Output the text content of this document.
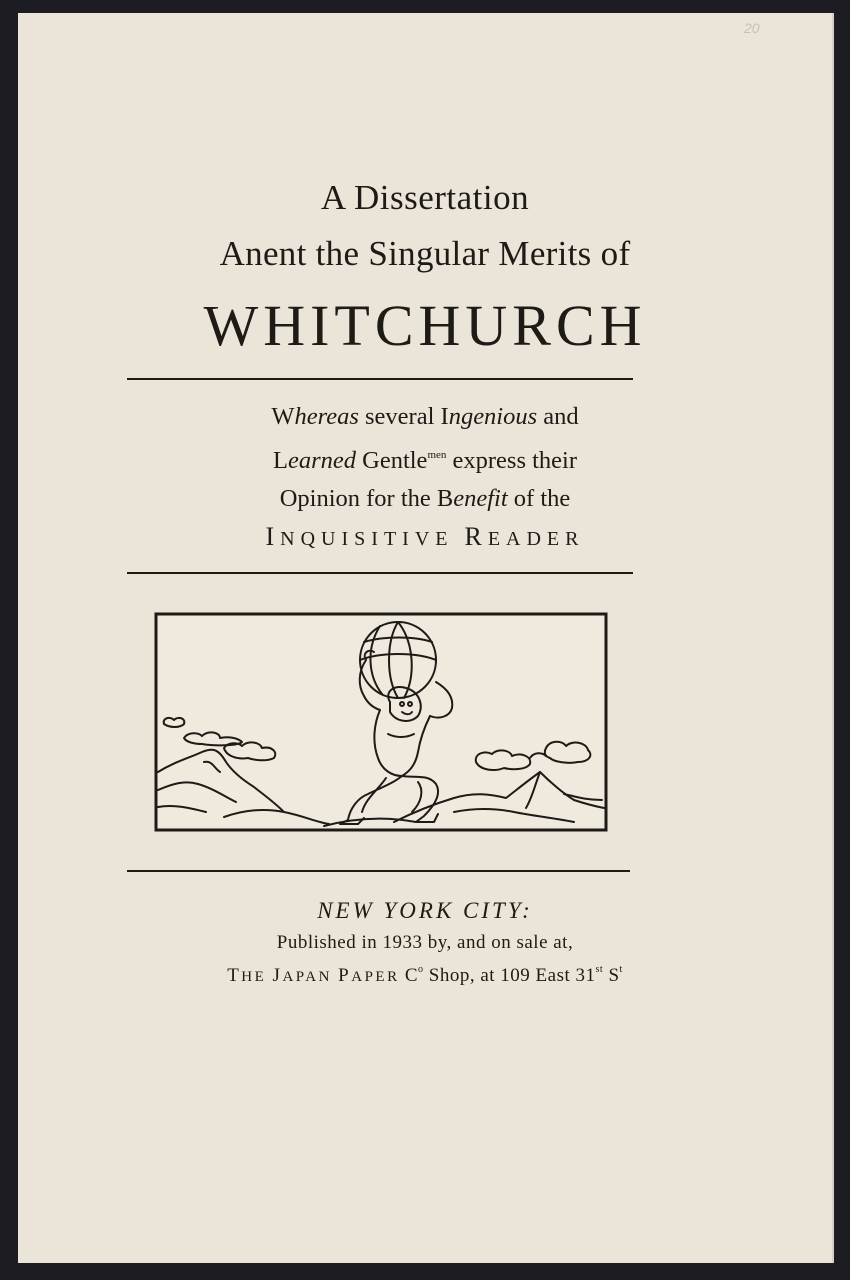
20
A Dissertation
Anent the Singular Merits of
WHITCHURCH

Whereas several Ingenious and
Learned Gentle$^{men}$ express their
Opinion for the Benefit of the
INQUISITIVE READER

NEW YORK CITY:

Published in 1933 by, and on sale at,

THE JAPAN PAPER $C^o$ Shop, at 109 East 31st $S^t$
